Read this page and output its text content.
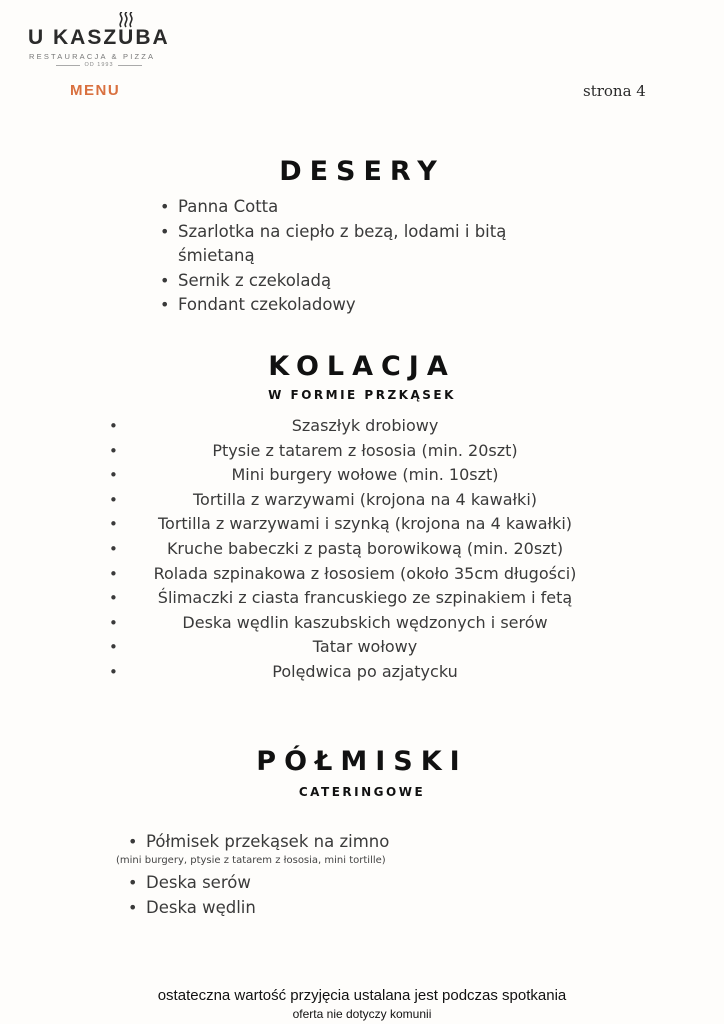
U KASZUBA
RESTAURACJA & PIZZA
OD 1993
MENU	strona 4
DESERY
• Panna Cotta
• Szarlotka na ciepło z bezą, lodami i bitą
śmietaną
• Sernik z czekoladą
• Fondant czekoladowy
KOLACJA
W FORMIE PRZKĄSEK
• Szaszłyk drobiowy
• Ptysie z tatarem z łososia (min. 20szt)
• Mini burgery wołowe (min. 10szt)
• Tortilla z warzywami (krojona na 4 kawałki)
• Tortilla z warzywami i szynką (krojona na 4 kawałki)
• Kruche babeczki z pastą borowikową (min. 20szt)
• Rolada szpinakowa z łososiem (około 35cm długości)
• Ślimaczki z ciasta francuskiego ze szpinakiem i fetą
• Deska wędlin kaszubskich wędzonych i serów
• Tatar wołowy
• Polędwica po azjatycku
PÓŁMISKI
CATERINGOWE
• Półmisek przekąsek na zimno
(mini burgery, ptysie z tatarem z łososia, mini tortille)
• Deska serów
• Deska wędlin
ostateczna wartość przyjęcia ustalana jest podczas spotkania
oferta nie dotyczy komunii
